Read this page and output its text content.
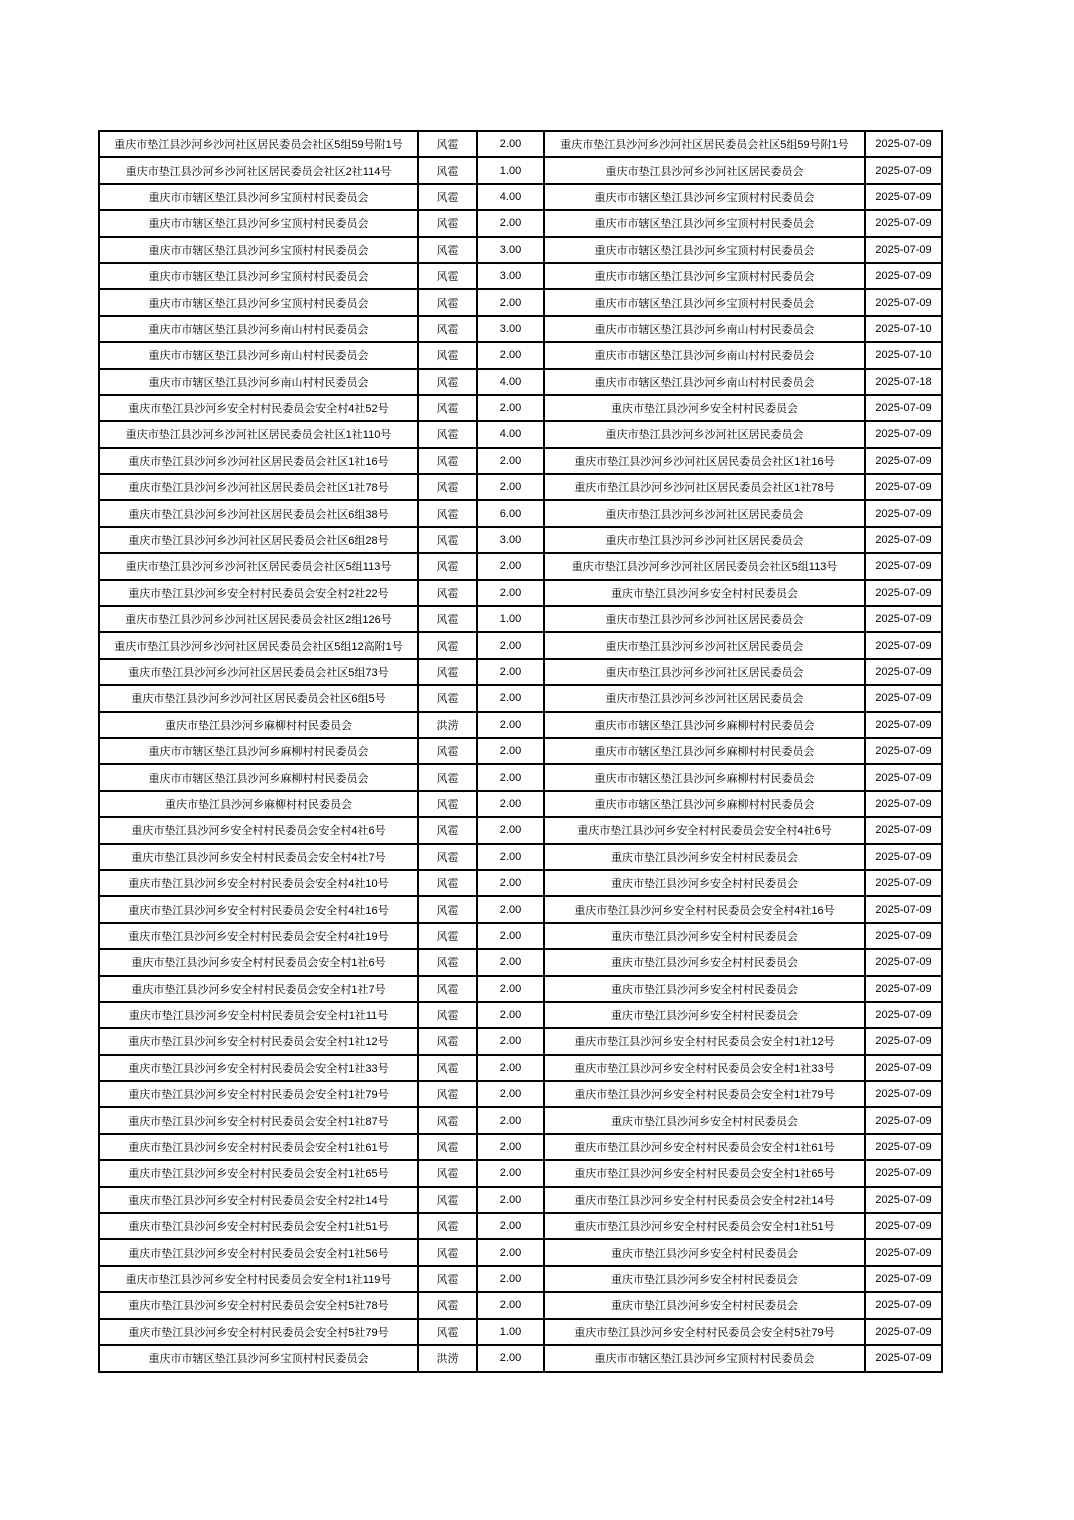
重庆市垫江县沙河乡沙河社区居民委员会社区5组59号附1号	风雹	2.00	重庆市垫江县沙河乡沙河社区居民委员会社区5组59号附1号	2025-07-09
重庆市垫江县沙河乡沙河社区居民委员会社区2社114号	风雹	1.00	重庆市垫江县沙河乡沙河社区居民委员会	2025-07-09
重庆市市辖区垫江县沙河乡宝顶村村民委员会	风雹	4.00	重庆市市辖区垫江县沙河乡宝顶村村民委员会	2025-07-09
重庆市市辖区垫江县沙河乡宝顶村村民委员会	风雹	2.00	重庆市市辖区垫江县沙河乡宝顶村村民委员会	2025-07-09
重庆市市辖区垫江县沙河乡宝顶村村民委员会	风雹	3.00	重庆市市辖区垫江县沙河乡宝顶村村民委员会	2025-07-09
重庆市市辖区垫江县沙河乡宝顶村村民委员会	风雹	3.00	重庆市市辖区垫江县沙河乡宝顶村村民委员会	2025-07-09
重庆市市辖区垫江县沙河乡宝顶村村民委员会	风雹	2.00	重庆市市辖区垫江县沙河乡宝顶村村民委员会	2025-07-09
重庆市市辖区垫江县沙河乡南山村村民委员会	风雹	3.00	重庆市市辖区垫江县沙河乡南山村村民委员会	2025-07-10
重庆市市辖区垫江县沙河乡南山村村民委员会	风雹	2.00	重庆市市辖区垫江县沙河乡南山村村民委员会	2025-07-10
重庆市市辖区垫江县沙河乡南山村村民委员会	风雹	4.00	重庆市市辖区垫江县沙河乡南山村村民委员会	2025-07-18
重庆市垫江县沙河乡安全村村民委员会安全村4社52号	风雹	2.00	重庆市垫江县沙河乡安全村村民委员会	2025-07-09
重庆市垫江县沙河乡沙河社区居民委员会社区1社110号	风雹	4.00	重庆市垫江县沙河乡沙河社区居民委员会	2025-07-09
重庆市垫江县沙河乡沙河社区居民委员会社区1社16号	风雹	2.00	重庆市垫江县沙河乡沙河社区居民委员会社区1社16号	2025-07-09
重庆市垫江县沙河乡沙河社区居民委员会社区1社78号	风雹	2.00	重庆市垫江县沙河乡沙河社区居民委员会社区1社78号	2025-07-09
重庆市垫江县沙河乡沙河社区居民委员会社区6组38号	风雹	6.00	重庆市垫江县沙河乡沙河社区居民委员会	2025-07-09
重庆市垫江县沙河乡沙河社区居民委员会社区6组28号	风雹	3.00	重庆市垫江县沙河乡沙河社区居民委员会	2025-07-09
重庆市垫江县沙河乡沙河社区居民委员会社区5组113号	风雹	2.00	重庆市垫江县沙河乡沙河社区居民委员会社区5组113号	2025-07-09
重庆市垫江县沙河乡安全村村民委员会安全村2社22号	风雹	2.00	重庆市垫江县沙河乡安全村村民委员会	2025-07-09
重庆市垫江县沙河乡沙河社区居民委员会社区2组126号	风雹	1.00	重庆市垫江县沙河乡沙河社区居民委员会	2025-07-09
重庆市垫江县沙河乡沙河社区居民委员会社区5组12高附1号	风雹	2.00	重庆市垫江县沙河乡沙河社区居民委员会	2025-07-09
重庆市垫江县沙河乡沙河社区居民委员会社区5组73号	风雹	2.00	重庆市垫江县沙河乡沙河社区居民委员会	2025-07-09
重庆市垫江县沙河乡沙河社区居民委员会社区6组5号	风雹	2.00	重庆市垫江县沙河乡沙河社区居民委员会	2025-07-09
重庆市垫江县沙河乡麻柳村村民委员会	洪涝	2.00	重庆市市辖区垫江县沙河乡麻柳村村民委员会	2025-07-09
重庆市市辖区垫江县沙河乡麻柳村村民委员会	风雹	2.00	重庆市市辖区垫江县沙河乡麻柳村村民委员会	2025-07-09
重庆市市辖区垫江县沙河乡麻柳村村民委员会	风雹	2.00	重庆市市辖区垫江县沙河乡麻柳村村民委员会	2025-07-09
重庆市垫江县沙河乡麻柳村村民委员会	风雹	2.00	重庆市市辖区垫江县沙河乡麻柳村村民委员会	2025-07-09
重庆市垫江县沙河乡安全村村民委员会安全村4社6号	风雹	2.00	重庆市垫江县沙河乡安全村村民委员会安全村4社6号	2025-07-09
重庆市垫江县沙河乡安全村村民委员会安全村4社7号	风雹	2.00	重庆市垫江县沙河乡安全村村民委员会	2025-07-09
重庆市垫江县沙河乡安全村村民委员会安全村4社10号	风雹	2.00	重庆市垫江县沙河乡安全村村民委员会	2025-07-09
重庆市垫江县沙河乡安全村村民委员会安全村4社16号	风雹	2.00	重庆市垫江县沙河乡安全村村民委员会安全村4社16号	2025-07-09
重庆市垫江县沙河乡安全村村民委员会安全村4社19号	风雹	2.00	重庆市垫江县沙河乡安全村村民委员会	2025-07-09
重庆市垫江县沙河乡安全村村民委员会安全村1社6号	风雹	2.00	重庆市垫江县沙河乡安全村村民委员会	2025-07-09
重庆市垫江县沙河乡安全村村民委员会安全村1社7号	风雹	2.00	重庆市垫江县沙河乡安全村村民委员会	2025-07-09
重庆市垫江县沙河乡安全村村民委员会安全村1社11号	风雹	2.00	重庆市垫江县沙河乡安全村村民委员会	2025-07-09
重庆市垫江县沙河乡安全村村民委员会安全村1社12号	风雹	2.00	重庆市垫江县沙河乡安全村村民委员会安全村1社12号	2025-07-09
重庆市垫江县沙河乡安全村村民委员会安全村1社33号	风雹	2.00	重庆市垫江县沙河乡安全村村民委员会安全村1社33号	2025-07-09
重庆市垫江县沙河乡安全村村民委员会安全村1社79号	风雹	2.00	重庆市垫江县沙河乡安全村村民委员会安全村1社79号	2025-07-09
重庆市垫江县沙河乡安全村村民委员会安全村1社87号	风雹	2.00	重庆市垫江县沙河乡安全村村民委员会	2025-07-09
重庆市垫江县沙河乡安全村村民委员会安全村1社61号	风雹	2.00	重庆市垫江县沙河乡安全村村民委员会安全村1社61号	2025-07-09
重庆市垫江县沙河乡安全村村民委员会安全村1社65号	风雹	2.00	重庆市垫江县沙河乡安全村村民委员会安全村1社65号	2025-07-09
重庆市垫江县沙河乡安全村村民委员会安全村2社14号	风雹	2.00	重庆市垫江县沙河乡安全村村民委员会安全村2社14号	2025-07-09
重庆市垫江县沙河乡安全村村民委员会安全村1社51号	风雹	2.00	重庆市垫江县沙河乡安全村村民委员会安全村1社51号	2025-07-09
重庆市垫江县沙河乡安全村村民委员会安全村1社56号	风雹	2.00	重庆市垫江县沙河乡安全村村民委员会	2025-07-09
重庆市垫江县沙河乡安全村村民委员会安全村1社119号	风雹	2.00	重庆市垫江县沙河乡安全村村民委员会	2025-07-09
重庆市垫江县沙河乡安全村村民委员会安全村5社78号	风雹	2.00	重庆市垫江县沙河乡安全村村民委员会	2025-07-09
重庆市垫江县沙河乡安全村村民委员会安全村5社79号	风雹	1.00	重庆市垫江县沙河乡安全村村民委员会安全村5社79号	2025-07-09
重庆市市辖区垫江县沙河乡宝顶村村民委员会	洪涝	2.00	重庆市市辖区垫江县沙河乡宝顶村村民委员会	2025-07-09
